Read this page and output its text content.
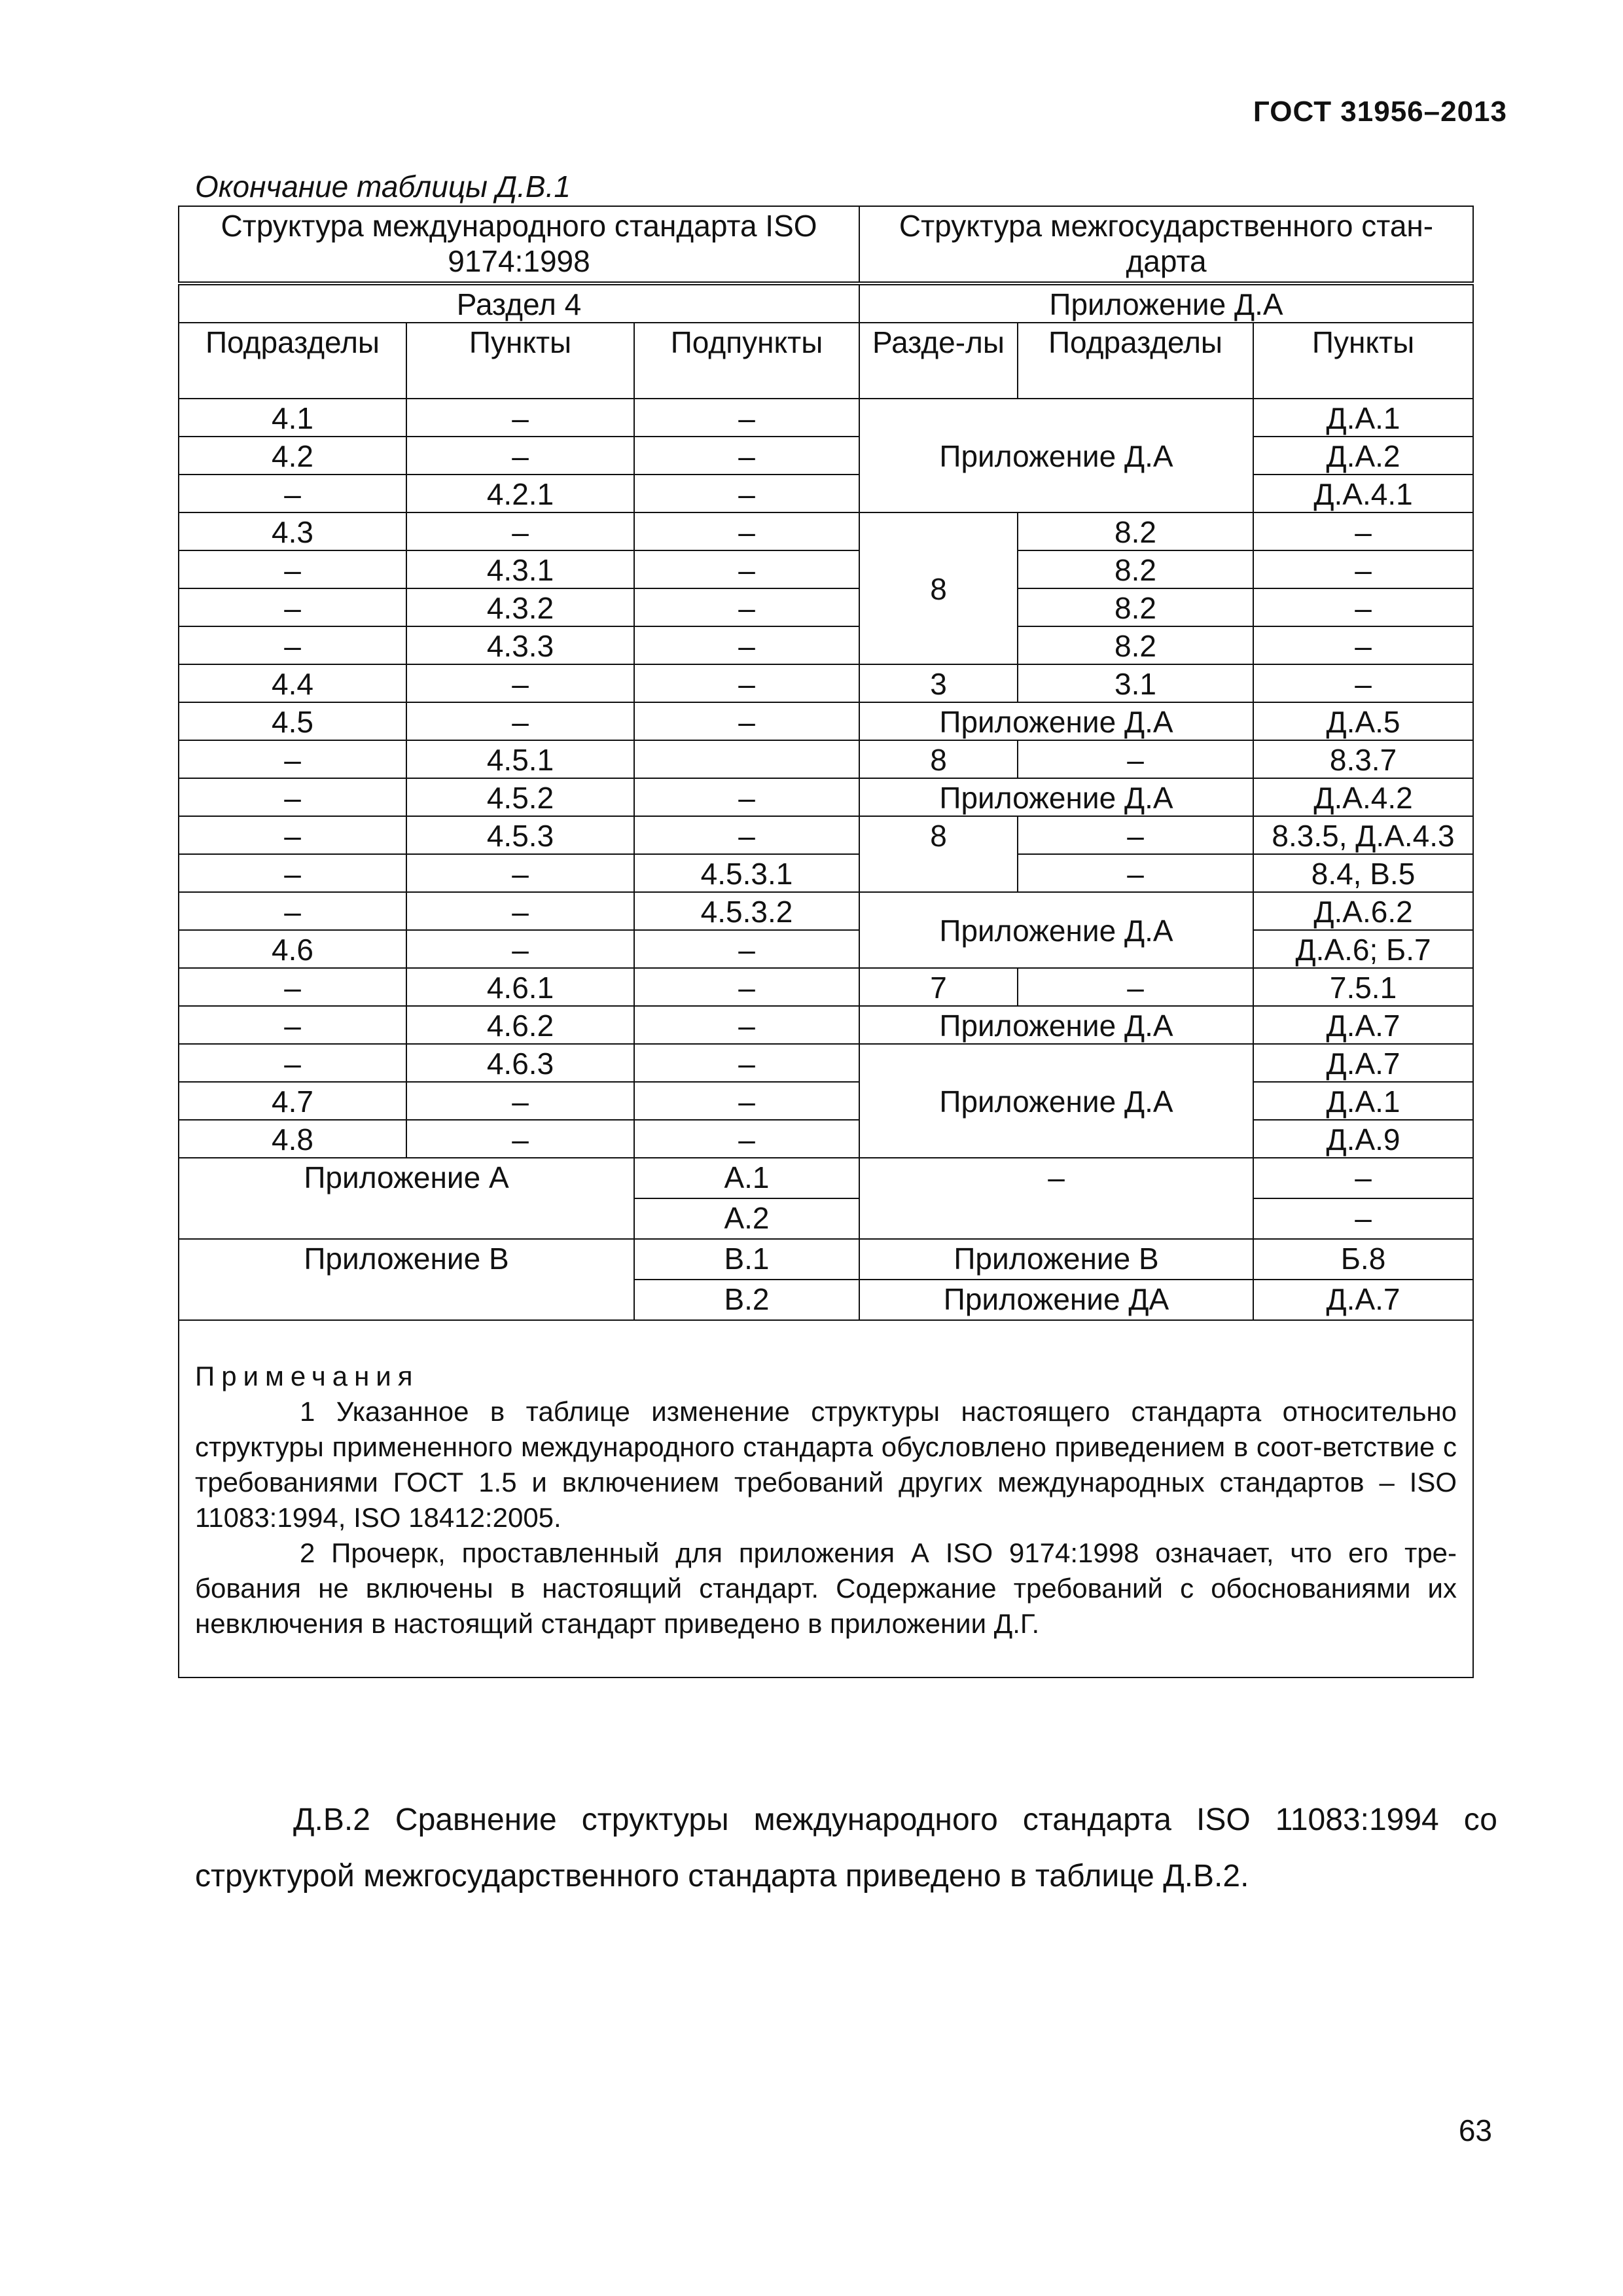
ГОСТ 31956–2013
Окончание таблицы Д.В.1
Структура международного стандарта ISO 9174:1998			Структура межгосударственного стан-дарта		
Раздел 4			Приложение Д.А		
Подразделы	Пункты	Подпункты	Разде-лы	Подразделы	Пункты
4.1	–	–	Приложение Д.А		Д.А.1
4.2	–	–			Д.А.2
–	4.2.1	–			Д.А.4.1
4.3	–	–	8	8.2	–
–	4.3.1	–		8.2	–
–	4.3.2	–		8.2	–
–	4.3.3	–		8.2	–
4.4	–	–	3	3.1	–
4.5	–	–	Приложение Д.А		Д.А.5
–	4.5.1		8	–	8.3.7
–	4.5.2	–	Приложение Д.А		Д.А.4.2
–	4.5.3	–	8	–	8.3.5, Д.А.4.3
–	–	4.5.3.1		–	8.4, В.5
–	–	4.5.3.2	Приложение Д.А		Д.А.6.2
4.6	–	–			Д.А.6; Б.7
–	4.6.1	–	7	–	7.5.1
–	4.6.2	–	Приложение Д.А		Д.А.7
–	4.6.3	–	Приложение Д.А		Д.А.7
4.7	–	–			Д.А.1
4.8	–	–			Д.А.9
Приложение А		А.1	–		–
		А.2			–
Приложение В		В.1	Приложение В		Б.8
		В.2	Приложение ДА		Д.А.7

Примечания

1 Указанное в таблице изменение структуры настоящего стандарта относительно структуры примененного международного стандарта обусловлено приведением в соот-ветствие с требованиями ГОСТ 1.5 и включением требований других международных стандартов – ISO 11083:1994, ISO 18412:2005.

2 Прочерк, проставленный для приложения А ISO 9174:1998 означает, что его тре-бования не включены в настоящий стандарт. Содержание требований с обоснованиями их невключения в настоящий стандарт приведено в приложении Д.Г.					

Д.В.2 Сравнение структуры международного стандарта ISO 11083:1994 со структурой межгосударственного стандарта приведено в таблице Д.В.2.
63
